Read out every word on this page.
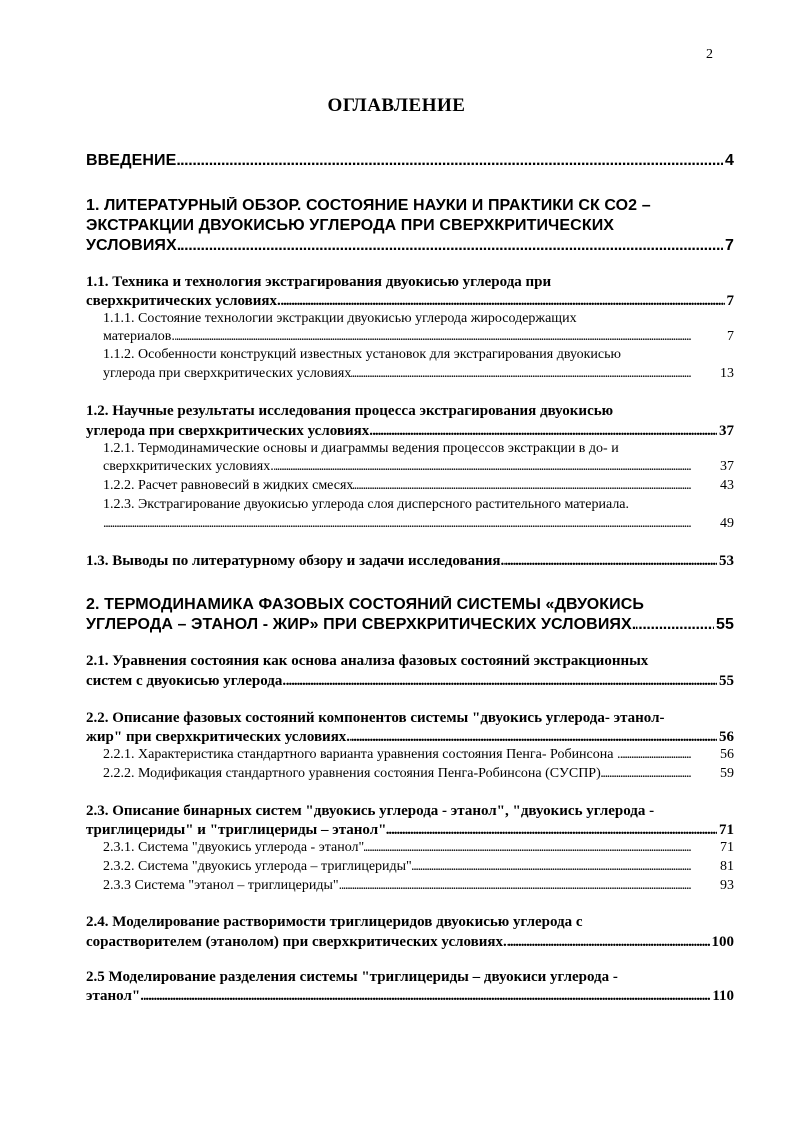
2
ОГЛАВЛЕНИЕ
. . . 4
ВВЕДЕНИЕ.
1. ЛИТЕРАТУРНЫЙ ОБЗОР. СОСТОЯНИЕ НАУКИ И ПРАКТИКИ СК СО2 –
ЭКСТРАКЦИИ ДВУОКИСЬЮ УГЛЕРОДА ПРИ СВЕРХКРИТИЧЕСКИХ
. . . 7
УСЛОВИЯХ.
1.1. Техника и технология экстрагирования двуокисью углерода при
. . . 7
сверхкритических условиях.
1.1.1. Состояние технологии экстракции двуокисью углерода жиросодержащих
. . . 7
материалов.
1.1.2. Особенности конструкций известных установок для экстрагирования двуокисью
. . . 13
углерода при сверхкритических условиях
1.2. Научные результаты исследования процесса экстрагирования двуокисью
. . . 37
углерода при сверхкритических условиях.
1.2.1. Термодинамические основы и диаграммы ведения процессов экстракции в до- и
. . . 37
сверхкритических условиях.
. . . 43
1.2.2. Расчет равновесий в жидких смесях
1.2.3. Экстрагирование двуокисью углерода слоя дисперсного растительного материала.
. . . 49
. . . 53
1.3. Выводы по литературному обзору и задачи исследования.
2. ТЕРМОДИНАМИКА ФАЗОВЫХ СОСТОЯНИЙ СИСТЕМЫ «ДВУОКИСЬ
. . . 55
УГЛЕРОДА – ЭТАНОЛ - ЖИР» ПРИ СВЕРХКРИТИЧЕСКИХ УСЛОВИЯХ.
2.1. Уравнения состояния как основа анализа фазовых состояний экстракционных
. . . 55
систем с двуокисью углерода.
2.2. Описание фазовых состояний компонентов системы "двуокись углерода- этанол-
. . . 56
жир" при сверхкритических условиях.
. . . 56
2.2.1. Характеристика стандартного варианта уравнения состояния Пенга- Робинсона .
. . . 59
2.2.2. Модификация стандартного уравнения состояния Пенга-Робинсона (СУСПР)
2.3. Описание бинарных систем "двуокись углерода - этанол", "двуокись углерода -
. . . 71
триглицериды" и "триглицериды – этанол"
. . . 71
2.3.1. Система "двуокись углерода - этанол"
. . . 81
2.3.2. Система "двуокись углерода – триглицериды"
. . . 93
2.3.3 Система "этанол – триглицериды".
2.4. Моделирование растворимости триглицеридов двуокисью углерода с
. . . 100
сорастворителем (этанолом) при сверхкритических условиях.
2.5 Моделирование разделения системы "триглицериды – двуокиси углерода -
. . . 110
этанол".
